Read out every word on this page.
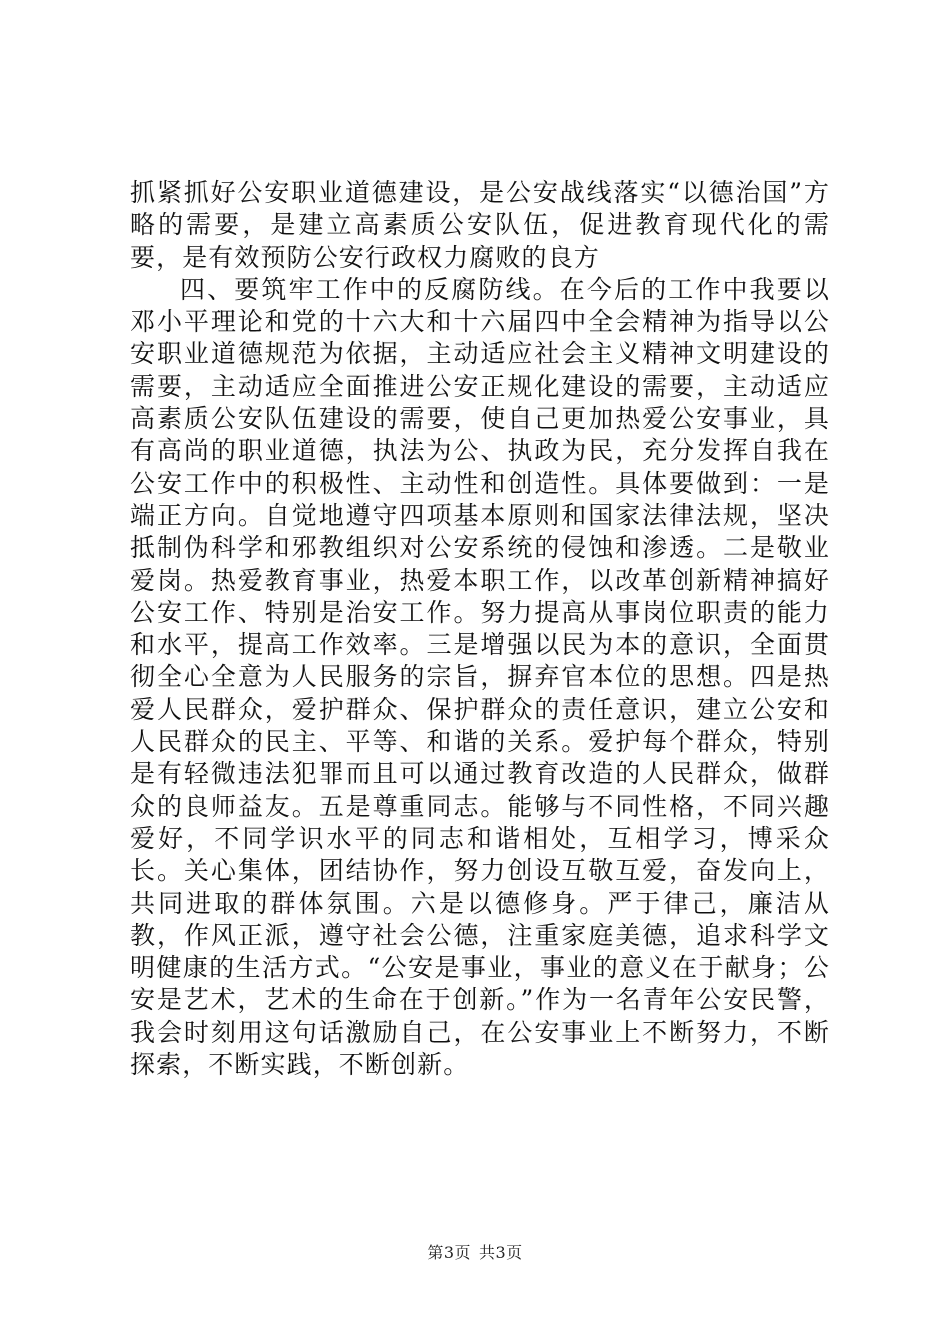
抓紧抓好公安职业道德建设，是公安战线落实“以德治国”方略的需要，是建立高素质公安队伍，促进教育现代化的需要，是有效预防公安行政权力腐败的良方

四、要筑牢工作中的反腐防线。在今后的工作中我要以邓小平理论和党的十六大和十六届四中全会精神为指导以公安职业道德规范为依据，主动适应社会主义精神文明建设的需要，主动适应全面推进公安正规化建设的需要，主动适应高素质公安队伍建设的需要，使自己更加热爱公安事业，具有高尚的职业道德，执法为公、执政为民，充分发挥自我在公安工作中的积极性、主动性和创造性。具体要做到：一是端正方向。自觉地遵守四项基本原则和国家法律法规，坚决抵制伪科学和邪教组织对公安系统的侵蚀和渗透。二是敬业爱岗。热爱教育事业，热爱本职工作，以改革创新精神搞好公安工作、特别是治安工作。努力提高从事岗位职责的能力和水平，提高工作效率。三是增强以民为本的意识，全面贯彻全心全意为人民服务的宗旨，摒弃官本位的思想。四是热爱人民群众，爱护群众、保护群众的责任意识，建立公安和人民群众的民主、平等、和谐的关系。爱护每个群众，特别是有轻微违法犯罪而且可以通过教育改造的人民群众，做群众的良师益友。五是尊重同志。能够与不同性格，不同兴趣爱好，不同学识水平的同志和谐相处，互相学习，博采众长。关心集体，团结协作，努力创设互敬互爱，奋发向上，共同进取的群体氛围。六是以德修身。严于律己，廉洁从教，作风正派，遵守社会公德，注重家庭美德，追求科学文明健康的生活方式。“公安是事业，事业的意义在于献身；公安是艺术，艺术的生命在于创新。”作为一名青年公安民警，我会时刻用这句话激励自己，在公安事业上不断努力，不断探索，不断实践，不断创新。

第3页 共3页
